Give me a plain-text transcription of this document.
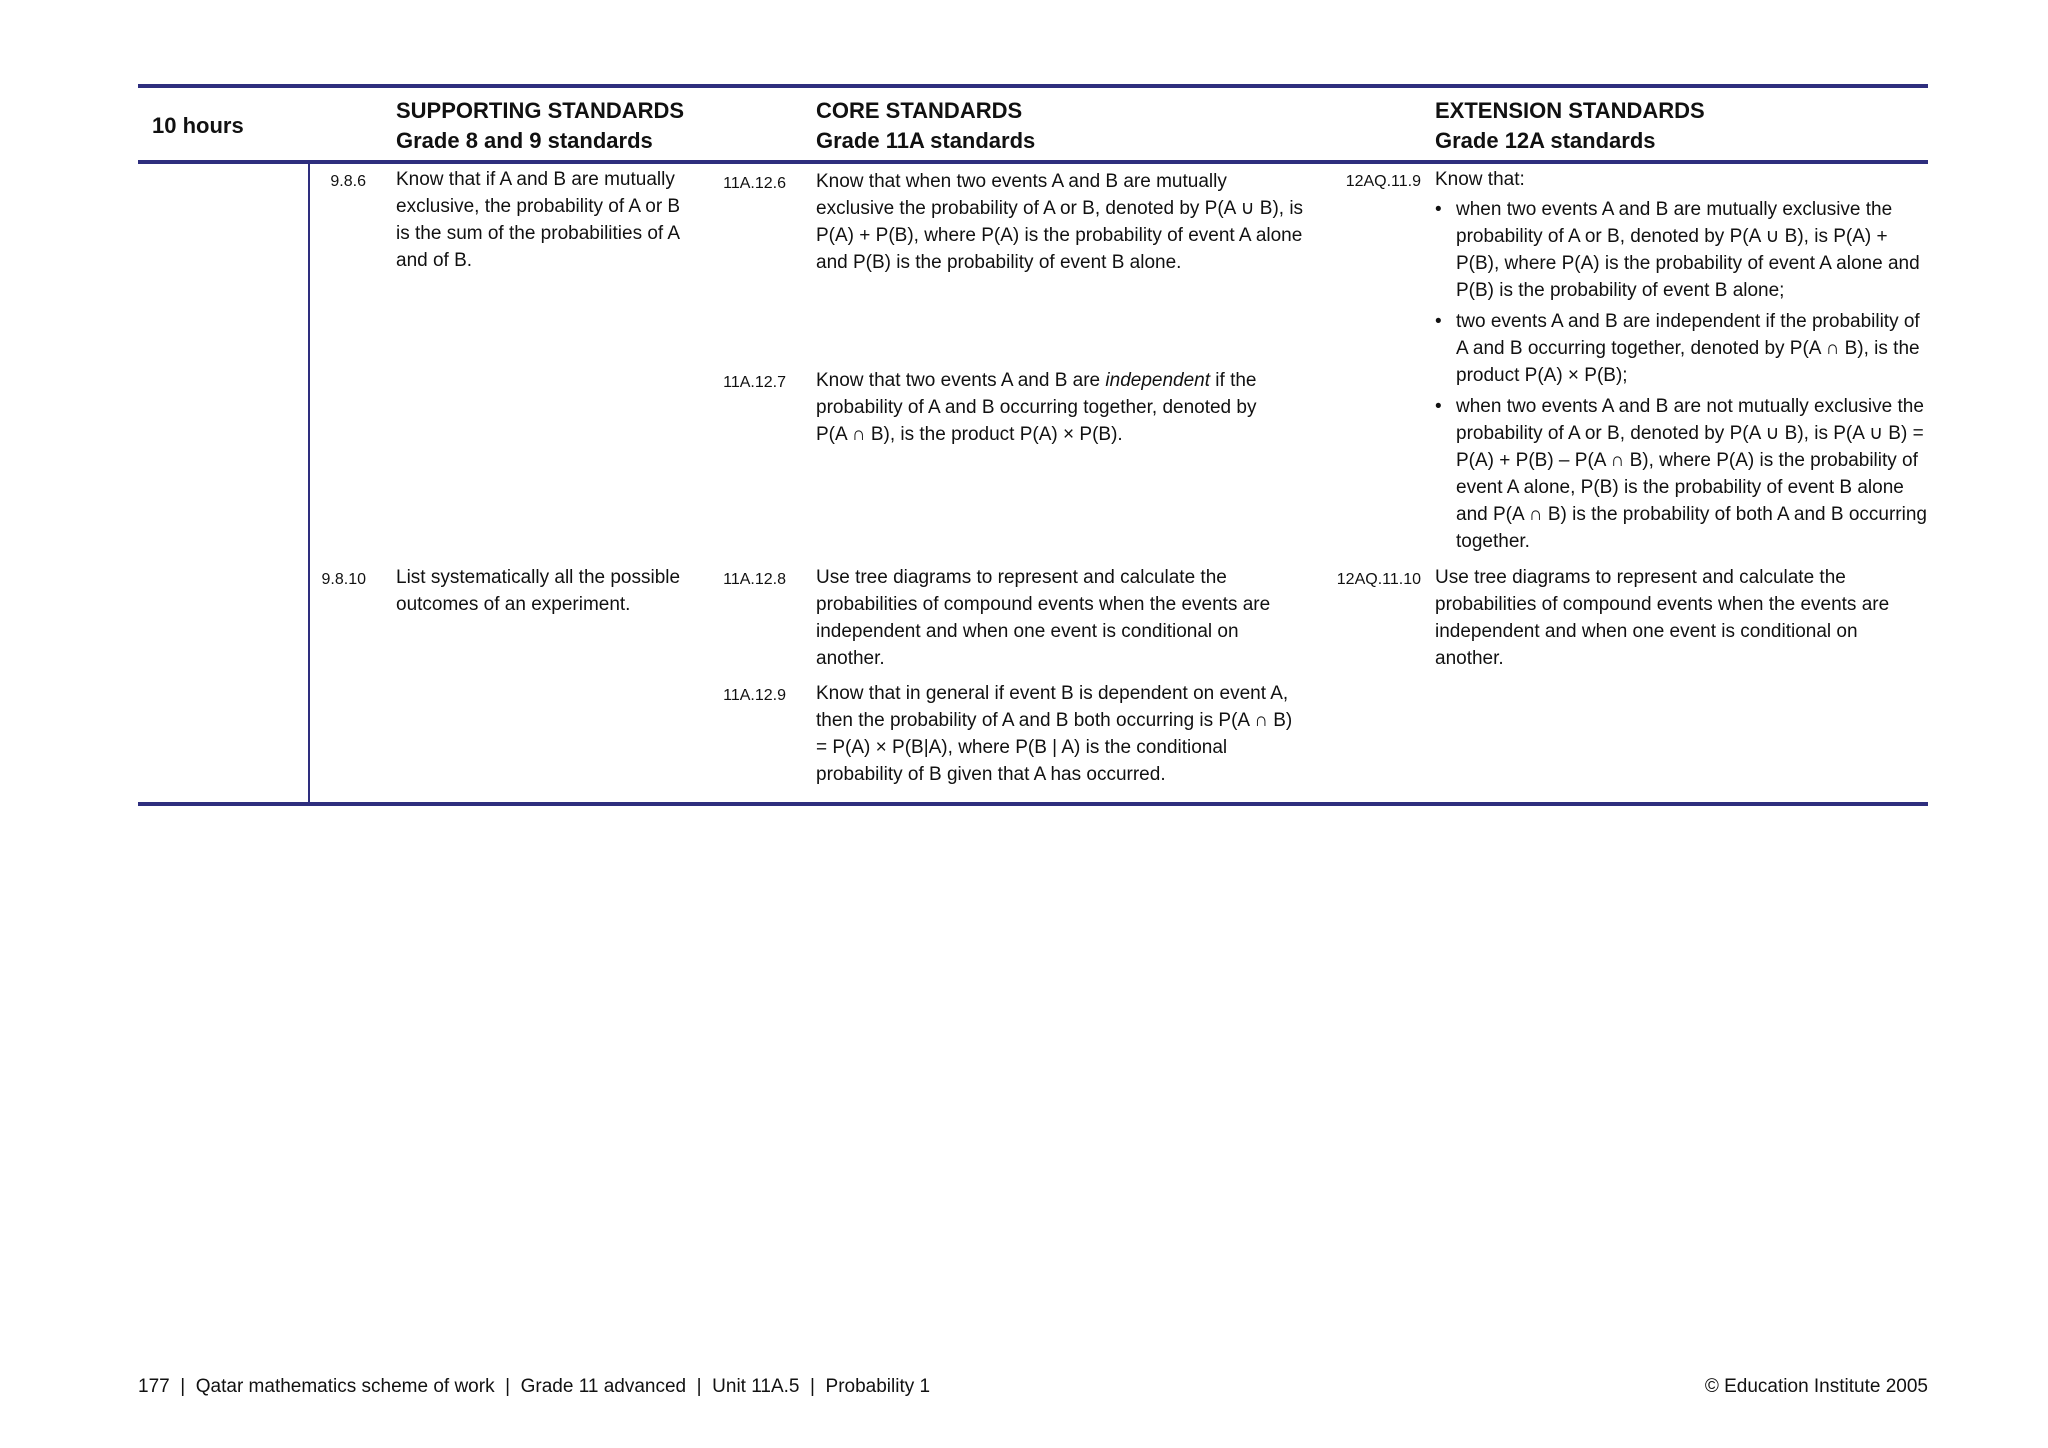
10 hours
SUPPORTING STANDARDS
Grade 8 and 9 standards
CORE STANDARDS
Grade 11A standards
EXTENSION STANDARDS
Grade 12A standards
9.8.6 Know that if A and B are mutually exclusive, the probability of A or B is the sum of the probabilities of A and of B.
9.8.10 List systematically all the possible outcomes of an experiment.
11A.12.6 Know that when two events A and B are mutually exclusive the probability of A or B, denoted by P(A ∪ B), is P(A) + P(B), where P(A) is the probability of event A alone and P(B) is the probability of event B alone.
11A.12.7 Know that two events A and B are independent if the probability of A and B occurring together, denoted by P(A ∩ B), is the product P(A) × P(B).
11A.12.8 Use tree diagrams to represent and calculate the probabilities of compound events when the events are independent and when one event is conditional on another.
11A.12.9 Know that in general if event B is dependent on event A, then the probability of A and B both occurring is P(A ∩ B) = P(A) × P(B|A), where P(B | A) is the conditional probability of B given that A has occurred.
12AQ.11.9 Know that:
• when two events A and B are mutually exclusive the probability of A or B, denoted by P(A ∪ B), is P(A) + P(B), where P(A) is the probability of event A alone and P(B) is the probability of event B alone;
• two events A and B are independent if the probability of A and B occurring together, denoted by P(A ∩ B), is the product P(A) × P(B);
• when two events A and B are not mutually exclusive the probability of A or B, denoted by P(A ∪ B), is P(A ∪ B) = P(A) + P(B) – P(A ∩ B), where P(A) is the probability of event A alone, P(B) is the probability of event B alone and P(A ∩ B) is the probability of both A and B occurring together.
12AQ.11.10 Use tree diagrams to represent and calculate the probabilities of compound events when the events are independent and when one event is conditional on another.
177  |  Qatar mathematics scheme of work  |  Grade 11 advanced  |  Unit 11A.5  |  Probability 1	© Education Institute 2005
